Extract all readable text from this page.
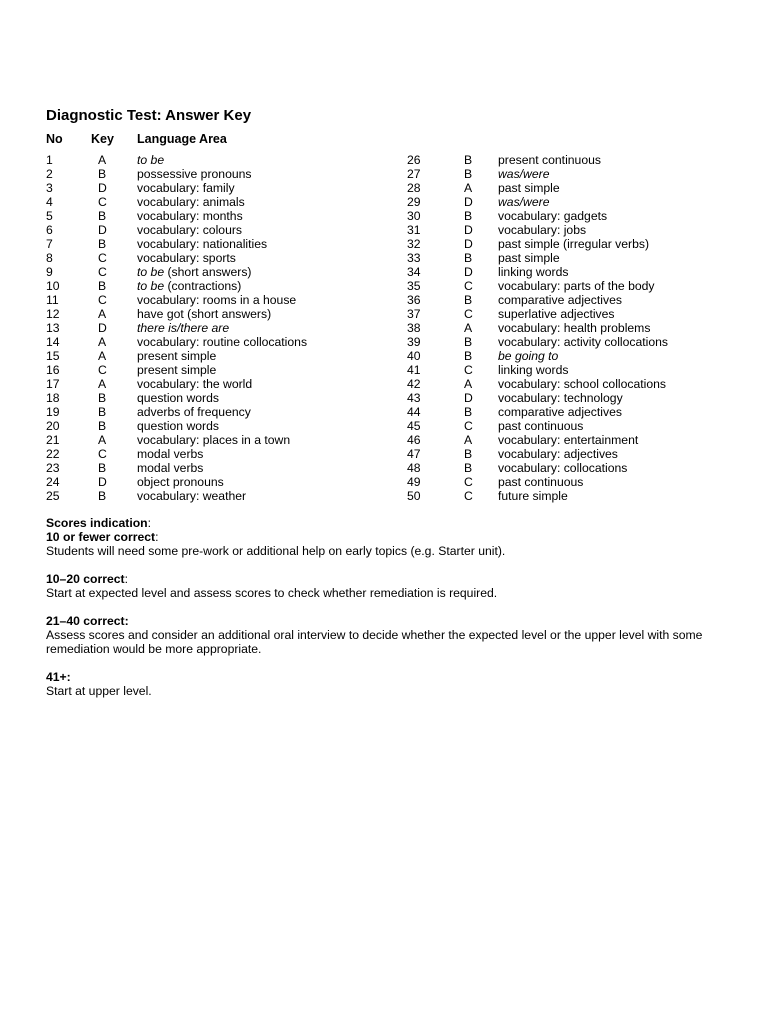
Diagnostic Test: Answer Key
No Key Language Area
1	A	to be
2	B	possessive pronouns
3	D vocabulary: family
4	C vocabulary: animals
5	B	vocabulary: months
6	D vocabulary: colours
7	B	vocabulary: nationalities
8	C vocabulary: sports
9	C to be (short answers)
10	B	to be (contractions)
11	C vocabulary: rooms in a house
12	A	have got (short answers)
13	D there is/there are
14	A	vocabulary: routine collocations
15	A	present simple
16	C present simple
17	A	vocabulary: the world
18	B	question words
19	B	adverbs of frequency
20	B	question words
21	A	vocabulary: places in a town
22	C modal verbs
23	B	modal verbs
24	D object pronouns
25	B	vocabulary: weather
26	B present continuous
27	B was/were
28	A past simple
29	D was/were
30	B vocabulary: gadgets
31	D vocabulary: jobs
32	D past simple (irregular verbs)
33	B past simple
34	D linking words
35	C vocabulary: parts of the body
36	B comparative adjectives
37	C superlative adjectives
38	A vocabulary: health problems
39	B vocabulary: activity collocations
40	B be going to
41	C linking words
42	A vocabulary: school collocations
43	D vocabulary: technology
44	B comparative adjectives
45	C past continuous
46	A vocabulary: entertainment
47	B vocabulary: adjectives
48	B vocabulary: collocations
49	C past continuous
50	C future simple

Scores indication:

10 or fewer correct:

Students will need some pre-work or additional help on early topics (e.g. Starter unit).

10–20 correct:

Start at expected level and assess scores to check whether remediation is required.

21–40 correct:

Assess scores and consider an additional oral interview to decide whether the expected level or the upper level with some remediation would be more appropriate.

41+:

Start at upper level.
